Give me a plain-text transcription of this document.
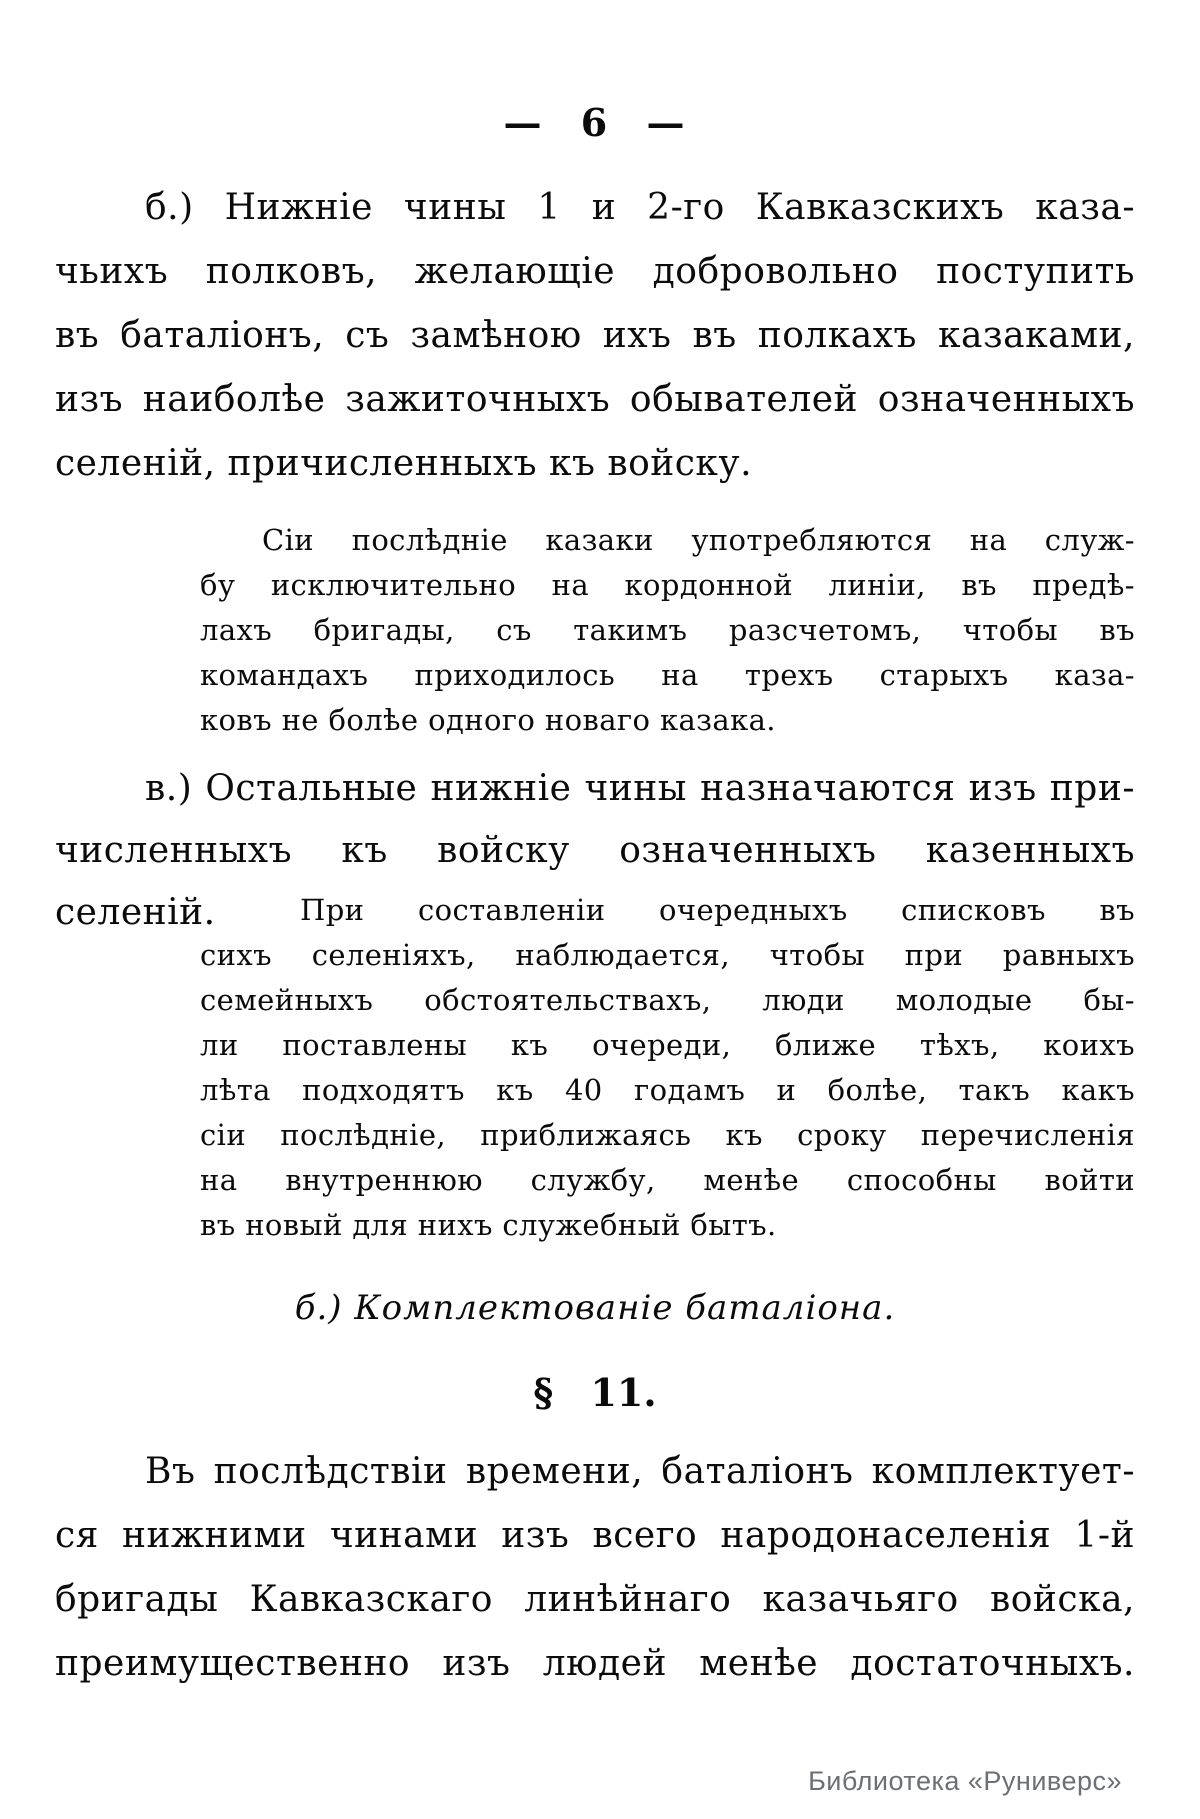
— 6 —
б.) Нижніе чины 1 и 2-го Кавказскихъ каза-
чьихъ полковъ, желающіе добровольно поступить
въ баталіонъ, съ замѣною ихъ въ полкахъ казаками,
изъ наиболѣе зажиточныхъ обывателей означенныхъ
селеній, причисленныхъ къ войску.
Сіи послѣдніе казаки употребляются на служ-
бу исключительно на кордонной линіи, въ предѣ-
лахъ бригады, съ такимъ разсчетомъ, чтобы въ
командахъ приходилось на трехъ старыхъ каза-
ковъ не болѣе одного новаго казака.
в.) Остальные нижніе чины назначаются изъ при-
численныхъ къ войску означенныхъ казенныхъ селеній.	При составленіи очередныхъ списковъ въ
сихъ селеніяхъ, наблюдается, чтобы при равныхъ
семейныхъ обстоятельствахъ, люди молодые бы-
ли поставлены къ очереди, ближе тѣхъ, коихъ
лѣта подходятъ къ 40 годамъ и болѣе, такъ какъ
сіи послѣдніе, приближаясь къ сроку перечисленія
на внутреннюю службу, менѣе способны войти
въ новый для нихъ служебный бытъ.
б.) Комплектованіе баталіона.
§ 11.
Въ послѣдствіи времени, баталіонъ комплектует-
ся нижними чинами изъ всего народонаселенія 1-й
бригады Кавказскаго линѣйнаго казачьяго войска,
преимущественно изъ людей менѣе достаточныхъ.
Библиотека «Руниверс»
